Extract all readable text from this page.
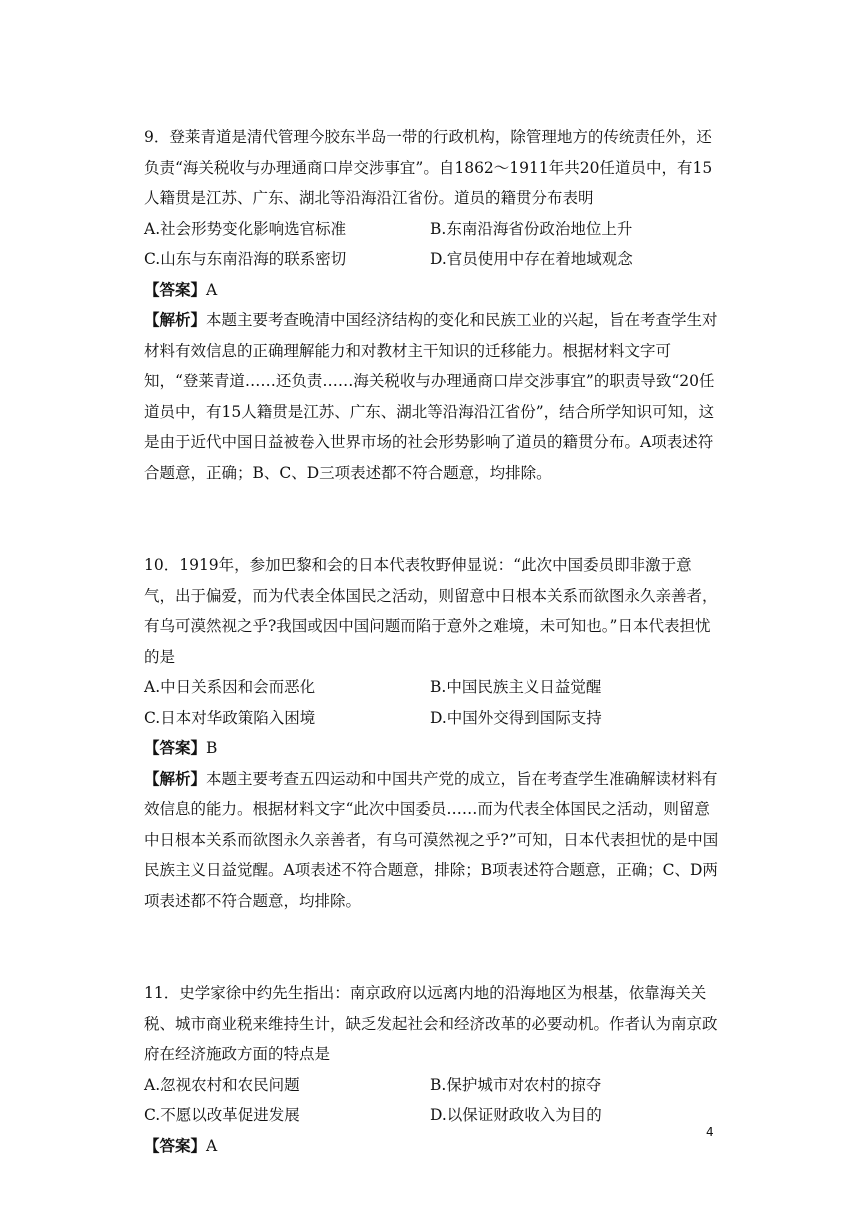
9．登莱青道是清代管理今胶东半岛一带的行政机构，除管理地方的传统责任外，还负责“海关税收与办理通商口岸交涉事宜”。自1862～1911年共20任道员中，有15人籍贯是江苏、广东、湖北等沿海沿江省份。道员的籍贯分布表明

A.社会形势变化影响选官标准	B.东南沿海省份政治地位上升
C.山东与东南沿海的联系密切	D.官员使用中存在着地域观念

【答案】A

【解析】本题主要考查晚清中国经济结构的变化和民族工业的兴起，旨在考查学生对材料有效信息的正确理解能力和对教材主干知识的迁移能力。根据材料文字可知，“登莱青道……还负责……海关税收与办理通商口岸交涉事宜”的职责导致“20任道员中，有15人籍贯是江苏、广东、湖北等沿海沿江省份”，结合所学知识可知，这是由于近代中国日益被卷入世界市场的社会形势影响了道员的籍贯分布。A项表述符合题意，正确；B、C、D三项表述都不符合题意，均排除。

10．1919年，参加巴黎和会的日本代表牧野伸显说：“此次中国委员即非激于意气，出于偏爱，而为代表全体国民之活动，则留意中日根本关系而欲图永久亲善者，有乌可漠然视之乎?我国或因中国问题而陷于意外之难境，未可知也。”日本代表担忧的是

A.中日关系因和会而恶化	B.中国民族主义日益觉醒
C.日本对华政策陷入困境	D.中国外交得到国际支持

【答案】B

【解析】本题主要考查五四运动和中国共产党的成立，旨在考查学生准确解读材料有效信息的能力。根据材料文字“此次中国委员……而为代表全体国民之活动，则留意中日根本关系而欲图永久亲善者，有乌可漠然视之乎?”可知，日本代表担忧的是中国民族主义日益觉醒。A项表述不符合题意，排除；B项表述符合题意，正确；C、D两项表述都不符合题意，均排除。

11．史学家徐中约先生指出：南京政府以远离内地的沿海地区为根基，依靠海关关税、城市商业税来维持生计，缺乏发起社会和经济改革的必要动机。作者认为南京政府在经济施政方面的特点是

A.忽视农村和农民问题	B.保护城市对农村的掠夺
C.不愿以改革促进发展	D.以保证财政收入为目的

【答案】A

4
